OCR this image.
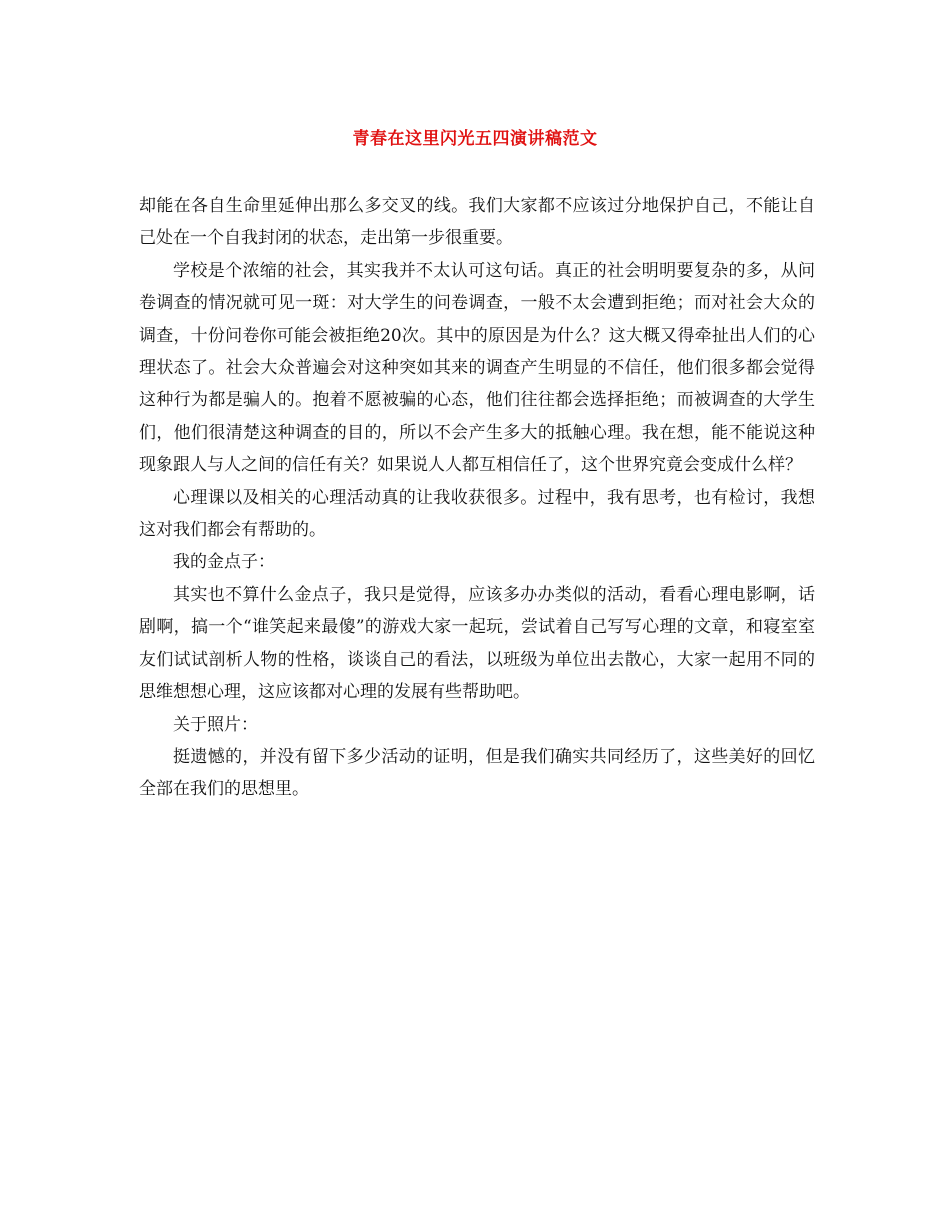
青春在这里闪光五四演讲稿范文

却能在各自生命里延伸出那么多交叉的线。我们大家都不应该过分地保护自己，不能让自己处在一个自我封闭的状态，走出第一步很重要。

学校是个浓缩的社会，其实我并不太认可这句话。真正的社会明明要复杂的多，从问卷调查的情况就可见一斑：对大学生的问卷调查，一般不太会遭到拒绝；而对社会大众的调查，十份问卷你可能会被拒绝20次。其中的原因是为什么？这大概又得牵扯出人们的心理状态了。社会大众普遍会对这种突如其来的调查产生明显的不信任，他们很多都会觉得这种行为都是骗人的。抱着不愿被骗的心态，他们往往都会选择拒绝；而被调查的大学生们，他们很清楚这种调查的目的，所以不会产生多大的抵触心理。我在想，能不能说这种现象跟人与人之间的信任有关？如果说人人都互相信任了，这个世界究竟会变成什么样？

心理课以及相关的心理活动真的让我收获很多。过程中，我有思考，也有检讨，我想这对我们都会有帮助的。

我的金点子：

其实也不算什么金点子，我只是觉得，应该多办办类似的活动，看看心理电影啊，话剧啊，搞一个“谁笑起来最傻”的游戏大家一起玩，尝试着自己写写心理的文章，和寝室室友们试试剖析人物的性格，谈谈自己的看法，以班级为单位出去散心，大家一起用不同的思维想想心理，这应该都对心理的发展有些帮助吧。

关于照片：

挺遗憾的，并没有留下多少活动的证明，但是我们确实共同经历了，这些美好的回忆全部在我们的思想里。
